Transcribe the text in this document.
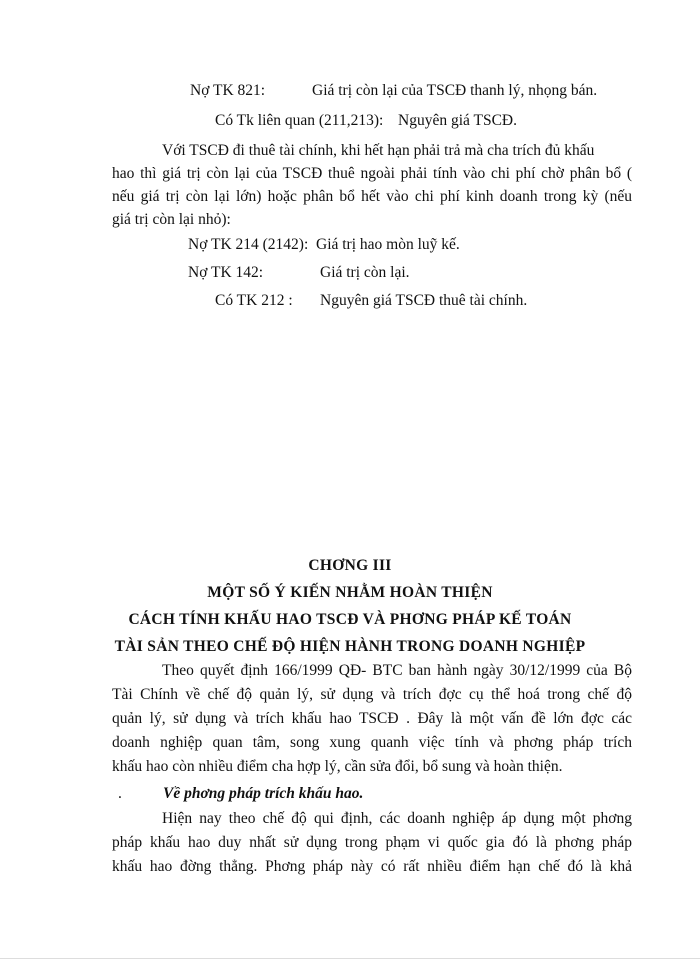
Nợ TK 821:	Giá trị còn lại của TSCĐ thanh lý, nhọng bán.
Có Tk liên quan (211,213): Nguyên giá TSCĐ.
Với TSCĐ đi thuê tài chính, khi hết hạn phải trả mà cha trích đủ khấu
hao thì giá trị còn lại của TSCĐ thuê ngoài phải tính vào chi phí chờ phân bổ (
nếu giá trị còn lại lớn) hoặc phân bổ hết vào chi phí kinh doanh trong kỳ (nếu
giá trị còn lại nhỏ):
Nợ TK 214 (2142): Giá trị hao mòn luỹ kế.
Nợ TK 142:	Giá trị còn lại.
Có TK 212 : Nguyên giá TSCĐ thuê tài chính.
CHƠNG III
MỘT SỐ Ý KIẾN NHẰM HOÀN THIỆN
CÁCH TÍNH KHẤU HAO TSCĐ VÀ PHƠNG PHÁP KẾ TOÁN
TÀI SẢN THEO CHẾ ĐỘ HIỆN HÀNH TRONG DOANH NGHIỆP
Theo quyết định 166/1999 QĐ- BTC ban hành ngày 30/12/1999 của Bộ
Tài Chính về chế độ quản lý, sử dụng và trích đợc cụ thể hoá trong chế độ
quản lý, sử dụng và trích khấu hao TSCĐ . Đây là một vấn đề lớn đợc các
doanh nghiệp quan tâm, song xung quanh việc tính và phơng pháp trích
khấu hao còn nhiều điểm cha hợp lý, cần sửa đổi, bổ sung và hoàn thiện.
.	Về phơng pháp trích khấu hao.
Hiện nay theo chế độ qui định, các doanh nghiệp áp dụng một phơng
pháp khấu hao duy nhất sử dụng trong phạm vi quốc gia đó là phơng pháp
khấu hao đờng thẳng. Phơng pháp này có rất nhiều điểm hạn chế đó là khả
